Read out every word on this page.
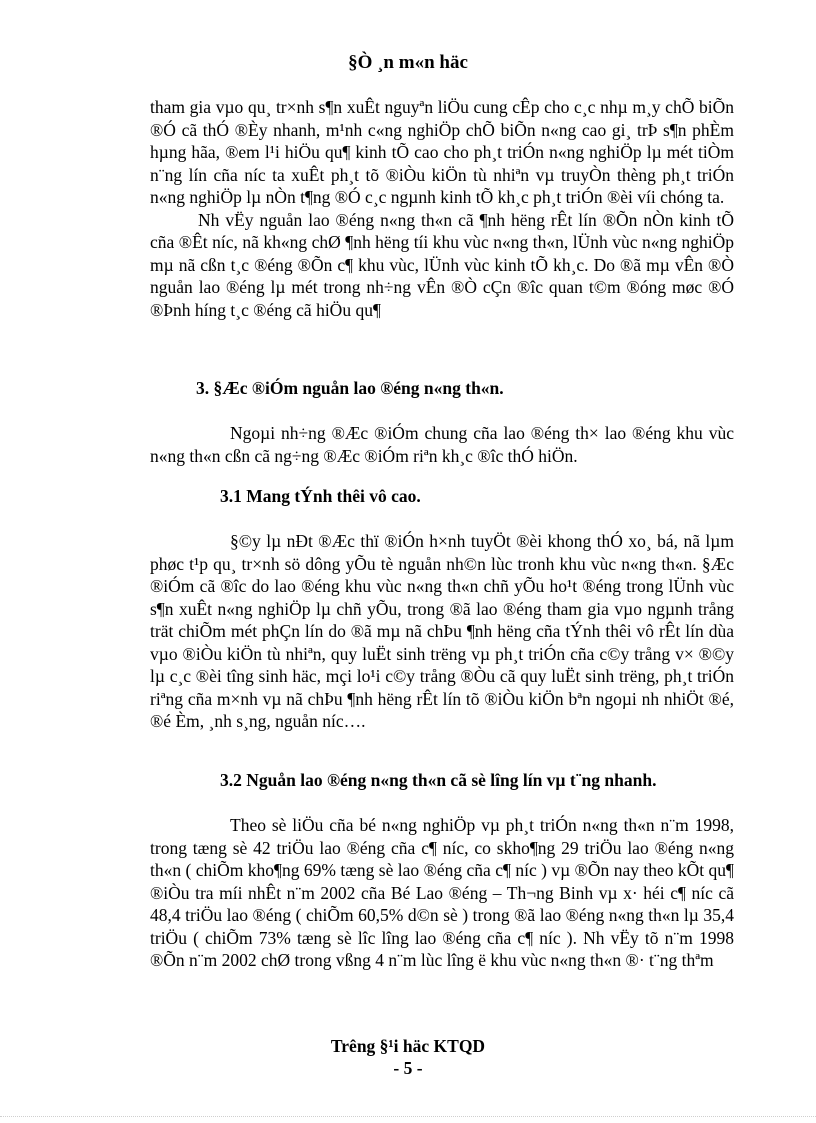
§Ò ¸n m«n häc

tham gia vµo qu¸ tr×nh s¶n xuÊt nguyªn liÖu cung cÊp cho c¸c nhµ m¸y chÕ biÕn ®Ó cã thÓ ®Èy nhanh, m¹nh c«ng nghiÖp chÕ biÕn n«ng cao gi¸ trÞ s¶n phÈm hµng hãa, ®em l¹i hiÖu qu¶ kinh tÕ cao cho ph¸t triÓn n«ng nghiÖp lµ mét tiÒm n¨ng lín cña níc ta xuÊt ph¸t tõ ®iÒu kiÖn tù nhiªn vµ truyÒn thèng ph¸t triÓn n«ng nghiÖp lµ nÒn t¶ng ®Ó c¸c ngµnh kinh tÕ kh¸c ph¸t triÓn ®èi víi chóng ta.

Nh vËy nguån lao ®éng n«ng th«n cã ¶nh hëng rÊt lín ®Õn nÒn kinh tÕ cña ®Êt níc, nã kh«ng chØ ¶nh hëng tíi khu vùc n«ng th«n, lÜnh vùc n«ng nghiÖp mµ nã cßn t¸c ®éng ®Õn c¶ khu vùc, lÜnh vùc kinh tÕ kh¸c. Do ®ã mµ vÊn ®Ò nguån lao ®éng lµ mét trong nh÷ng vÊn ®Ò cÇn ®îc quan t©m ®óng møc ®Ó ®Þnh híng t¸c ®éng cã hiÖu qu¶

3. §Æc ®iÓm nguån lao ®éng n«ng th«n.

Ngoµi nh÷ng ®Æc ®iÓm chung cña lao ®éng th× lao ®éng khu vùc n«ng th«n cßn cã ng÷ng ®Æc ®iÓm riªn kh¸c ®îc thÓ hiÖn.

3.1 Mang tÝnh thêi vô cao.

§©y lµ nÐt ®Æc thï ®iÓn h×nh tuyÖt ®èi khong thÓ xo¸ bá, nã lµm phøc t¹p qu¸ tr×nh sö dông yÕu tè nguån nh©n lùc tronh khu vùc n«ng th«n. §Æc ®iÓm cã ®îc do lao ®éng khu vùc n«ng th«n chñ yÕu ho¹t ®éng trong lÜnh vùc s¶n xuÊt n«ng nghiÖp lµ chñ yÕu, trong ®ã lao ®éng tham gia vµo ngµnh trång trät chiÕm mét phÇn lín do ®ã mµ nã chÞu ¶nh hëng cña tÝnh thêi vô rÊt lín dùa vµo ®iÒu kiÖn tù nhiªn, quy luËt sinh trëng vµ ph¸t triÓn cña c©y trång v× ®©y lµ c¸c ®èi tîng sinh häc, mçi lo¹i c©y trång ®Òu cã quy luËt sinh trëng, ph¸t triÓn riªng cña m×nh vµ nã chÞu ¶nh hëng rÊt lín tõ ®iÒu kiÖn bªn ngoµi nh nhiÖt ®é, ®é Èm, ¸nh s¸ng, nguån níc….

3.2 Nguån lao ®éng n«ng th«n cã sè lîng lín vµ t¨ng nhanh.

Theo sè liÖu cña bé n«ng nghiÖp vµ ph¸t triÓn n«ng th«n n¨m 1998, trong tæng sè 42 triÖu lao ®éng cña c¶ níc, co skho¶ng 29 triÖu lao ®éng n«ng th«n ( chiÕm kho¶ng 69% tæng sè lao ®éng cña c¶ níc ) vµ ®Õn nay theo kÕt qu¶ ®iÒu tra míi nhÊt n¨m 2002 cña Bé Lao ®éng – Th¬ng Binh vµ x· héi c¶ níc cã 48,4 triÖu lao ®éng ( chiÕm 60,5% d©n sè ) trong ®ã lao ®éng n«ng th«n lµ 35,4 triÖu ( chiÕm 73% tæng sè lîc lîng lao ®éng cña c¶ níc ). Nh vËy tõ n¨m 1998 ®Õn n¨m 2002 chØ trong vßng 4 n¨m lùc lîng ë khu vùc n«ng th«n ®· t¨ng thªm

Trêng §¹i häc KTQD
- 5 -
